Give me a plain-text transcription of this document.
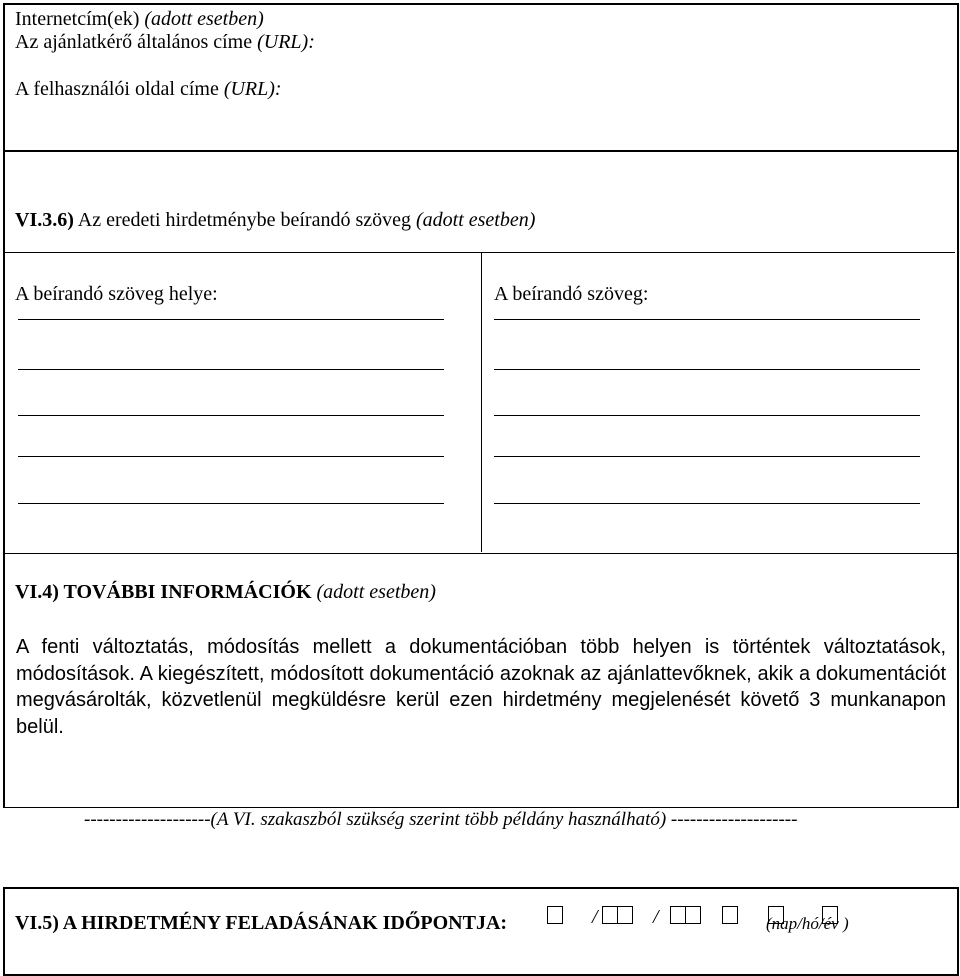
Internetcím(ek) (adott esetben)
Az ajánlatkérő általános címe (URL):
A felhasználói oldal címe (URL):
VI.3.6) Az eredeti hirdetménybe beírandó szöveg (adott esetben)
A beírandó szöveg helye:	A beírandó szöveg:
VI.4) TOVÁBBI INFORMÁCIÓK (adott esetben)
A fenti változtatás, módosítás mellett a dokumentációban több helyen is történtek változtatások, módosítások. A kiegészített, módosított dokumentáció azoknak az ajánlattevőknek, akik a dokumentációt megvásárolták, közvetlenül megküldésre kerül ezen hirdetmény megjelenését követő 3 munkanapon belül.
--------------------(A VI. szakaszból szükség szerint több példány használható) --------------------
VI.5) A HIRDETMÉNY FELADÁSÁNAK IDŐPONTJA:	/	/	(nap/hó/év )
